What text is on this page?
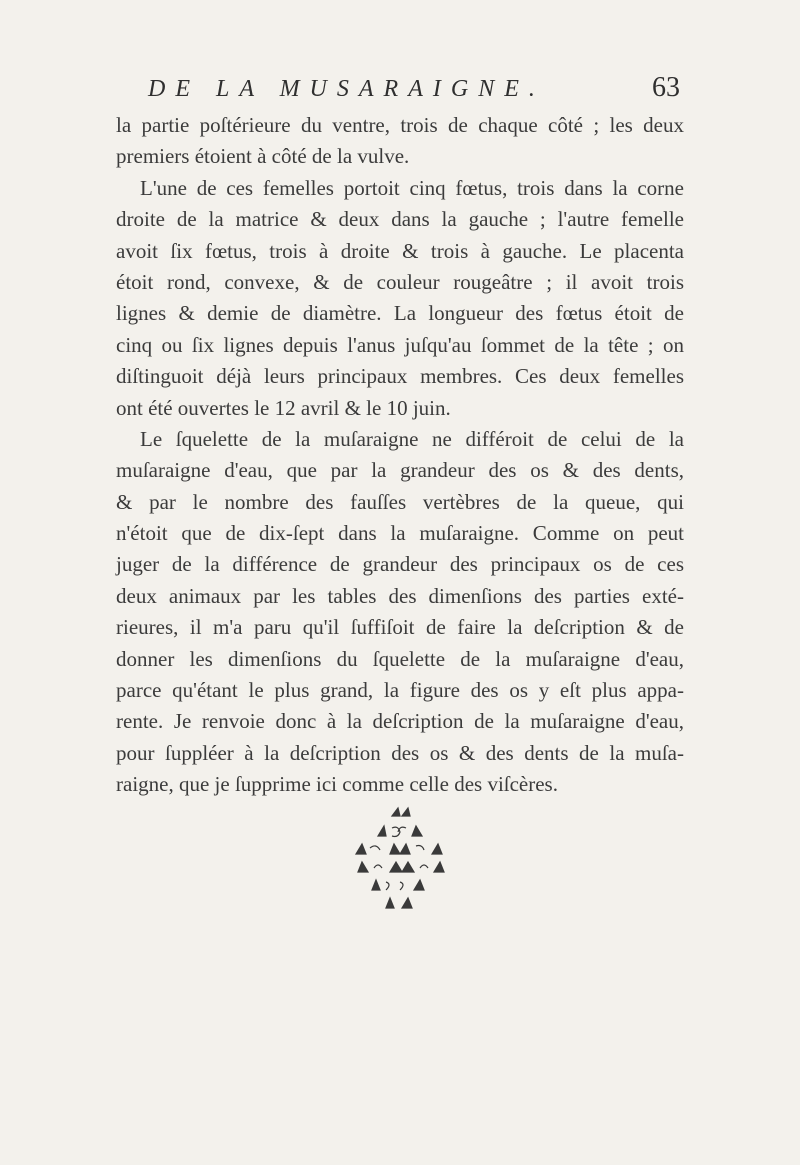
DE LA MUSARAIGNE.	63
la partie poſtérieure du ventre, trois de chaque côté ; les deux
premiers étoient à côté de la vulve.
L'une de ces femelles portoit cinq fœtus, trois dans la corne
droite de la matrice & deux dans la gauche ; l'autre femelle
avoit ſix fœtus, trois à droite & trois à gauche. Le placenta
étoit rond, convexe, & de couleur rougeâtre ; il avoit trois
lignes & demie de diamètre. La longueur des fœtus étoit de
cinq ou ſix lignes depuis l'anus juſqu'au ſommet de la tête ; on
diſtinguoit déjà leurs principaux membres. Ces deux femelles
ont été ouvertes le 12 avril & le 10 juin.
Le ſquelette de la muſaraigne ne différoit de celui de la
muſaraigne d'eau, que par la grandeur des os & des dents,
& par le nombre des fauſſes vertèbres de la queue, qui
n'étoit que de dix-ſept dans la muſaraigne. Comme on peut
juger de la différence de grandeur des principaux os de ces
deux animaux par les tables des dimenſions des parties exté-
rieures, il m'a paru qu'il ſuffiſoit de faire la deſcription & de
donner les dimenſions du ſquelette de la muſaraigne d'eau,
parce qu'étant le plus grand, la figure des os y eſt plus appa-
rente. Je renvoie donc à la deſcription de la muſaraigne d'eau,
pour ſuppléer à la deſcription des os & des dents de la muſa-
raigne, que je ſupprime ici comme celle des viſcères.
